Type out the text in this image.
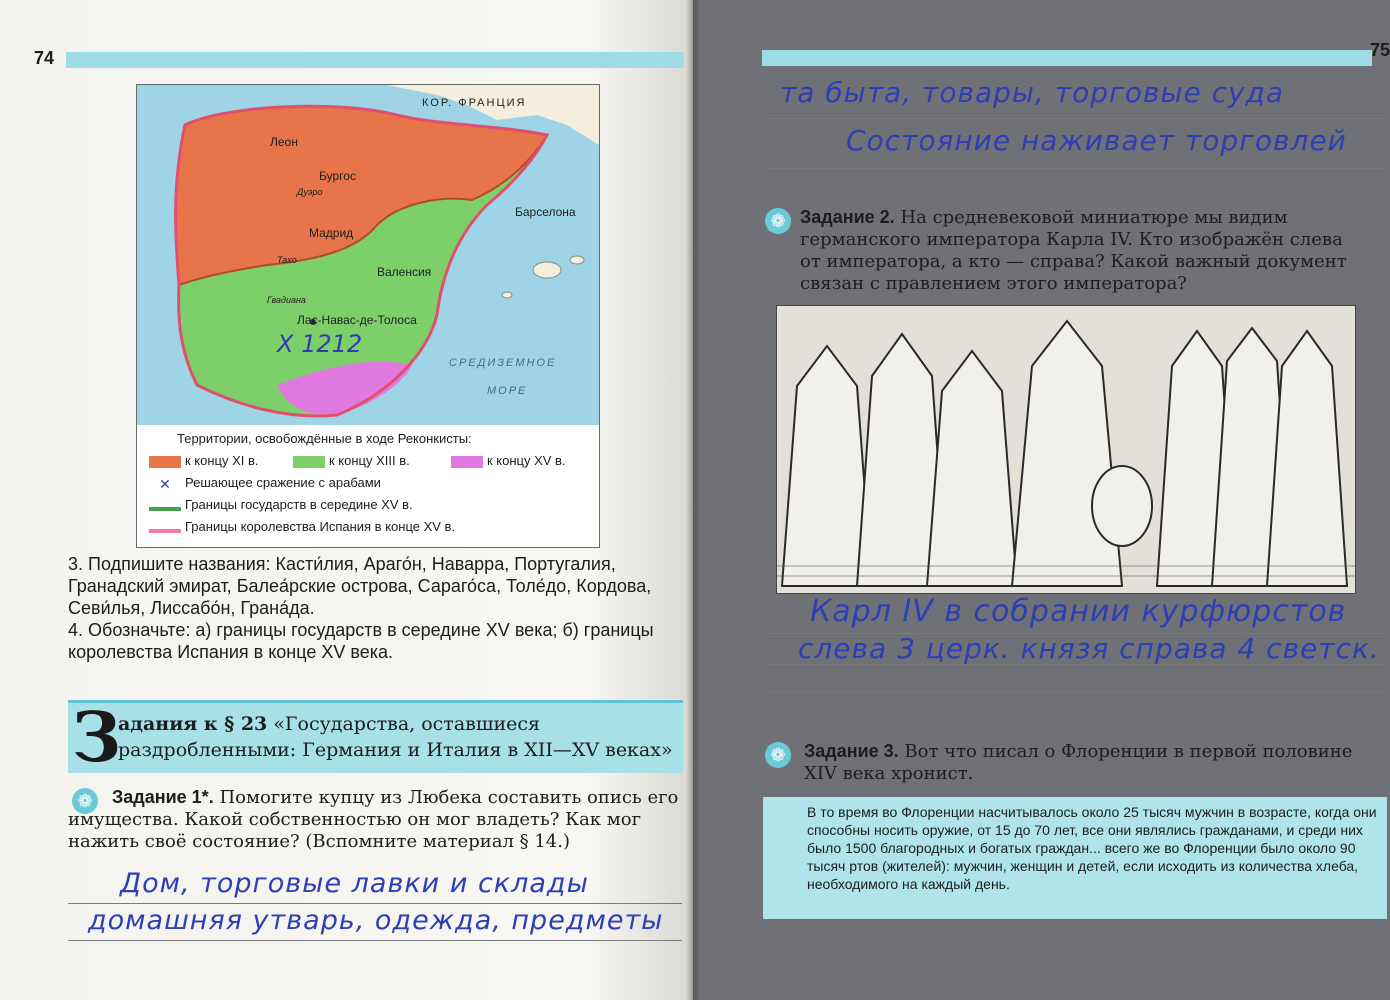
74
КОР. ФРАНЦИЯ
Леон
Бургос
Барселона
Мадрид
Валенсия
Лас-Навас-де-Толоса
Дуэро
Тахо
Гвадиана
СРЕДИЗЕМНОЕ
МОРЕ
X 1212
Территории, освобождённые в ходе Реконкисты:
к концу XI в.	к концу XIII в.	к концу XV в.
✕ Решающее сражение с арабами
Границы государств в середине XV в.
Границы королевства Испания в конце XV в.
3. Подпишите названия: Касти́лия, Араго́н, Наварра, Португалия, Гранадский эмират, Балеа́рские острова, Сараго́са, Толе́до, Кордова, Севи́лья, Лиссабо́н, Грана́да.
4. Обозначьте: а) границы государств в середине XV века; б) границы королевства Испания в конце XV века.
З
адания к § 23 «Государства, оставшиеся раздробленными: Германия и Италия в XII—XV веках»
❁	Задание 1*. Помогите купцу из Любека составить опись его имущества. Какой собственностью он мог владеть? Как мог нажить своё состояние? (Вспомните материал § 14.)
Дом, торговые лавки и склады
домашняя утварь, одежда, предметы
75
та быта, товары, торговые суда
Состояние наживает торговлей
❁ Задание 2. На средневековой миниатюре мы видим германского императора Карла IV. Кто изображён слева от императора, а кто — справа? Какой важный документ связан с правлением этого императора?
Карл IV в собрании курфюрстов
слева 3 церк. князя справа 4 светск.
❁	Задание 3. Вот что писал о Флоренции в первой половине XIV века хронист.
В то время во Флоренции насчитывалось около 25 тысяч мужчин в возрасте, когда они способны носить оружие, от 15 до 70 лет, все они являлись гражданами, и среди них было 1500 благородных и богатых граждан... всего же во Флоренции было около 90 тысяч ртов (жителей): мужчин, женщин и детей, если исходить из количества хлеба, необходимого на каждый день.
